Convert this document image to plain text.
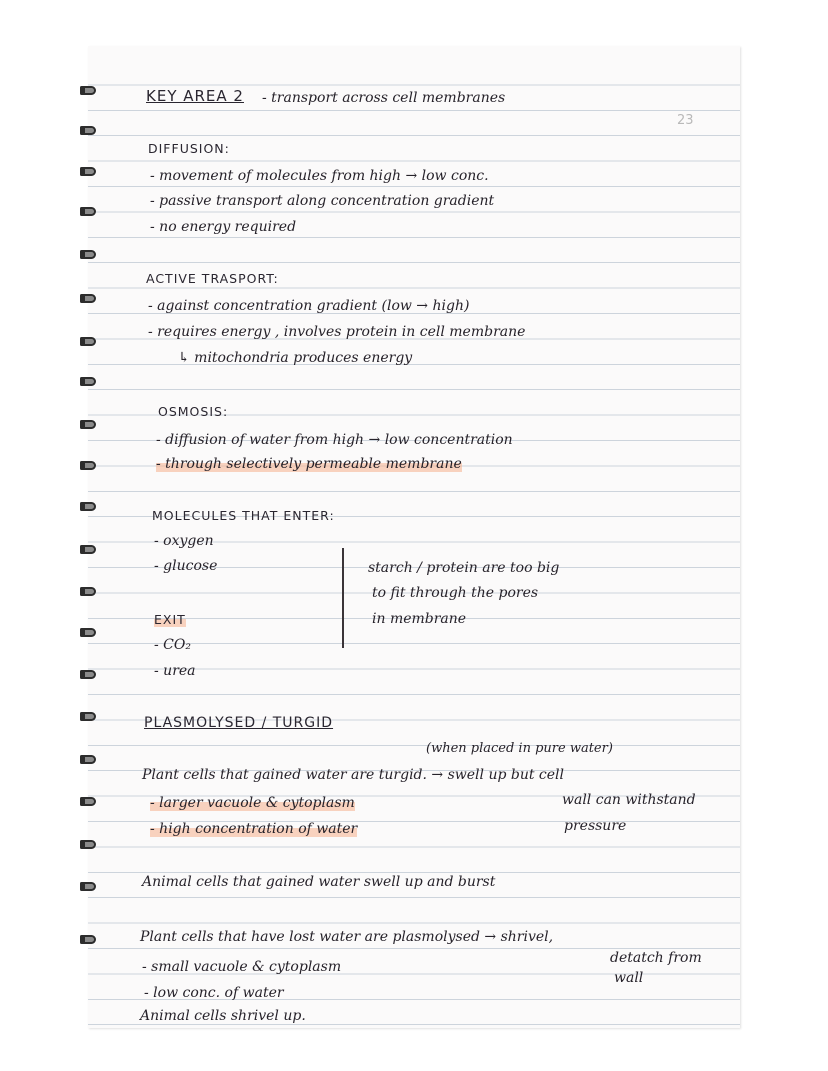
23

KEY AREA 2 - transport across cell membranes

DIFFUSION:

- movement of molecules from high → low conc.

- passive transport along concentration gradient

- no energy required

ACTIVE TRASPORT:

- against concentration gradient (low → high)

- requires energy , involves protein in cell membrane

↳ mitochondria produces energy

OSMOSIS:

- diffusion of water from high → low concentration

- through selectively permeable membrane

MOLECULES THAT ENTER:

- oxygen

- glucose	starch / protein are too big

to fit through the pores

in membrane

EXIT

- CO₂

- urea

PLASMOLYSED / TURGID

(when placed in pure water)

Plant cells that gained water are turgid. → swell up but cell

wall can withstand

pressure

- larger vacuole & cytoplasm

- high concentration of water

Animal cells that gained water swell up and burst

Plant cells that have lost water are plasmolysed → shrivel,

detatch from

wall

- small vacuole & cytoplasm

- low conc. of water

Animal cells shrivel up.
